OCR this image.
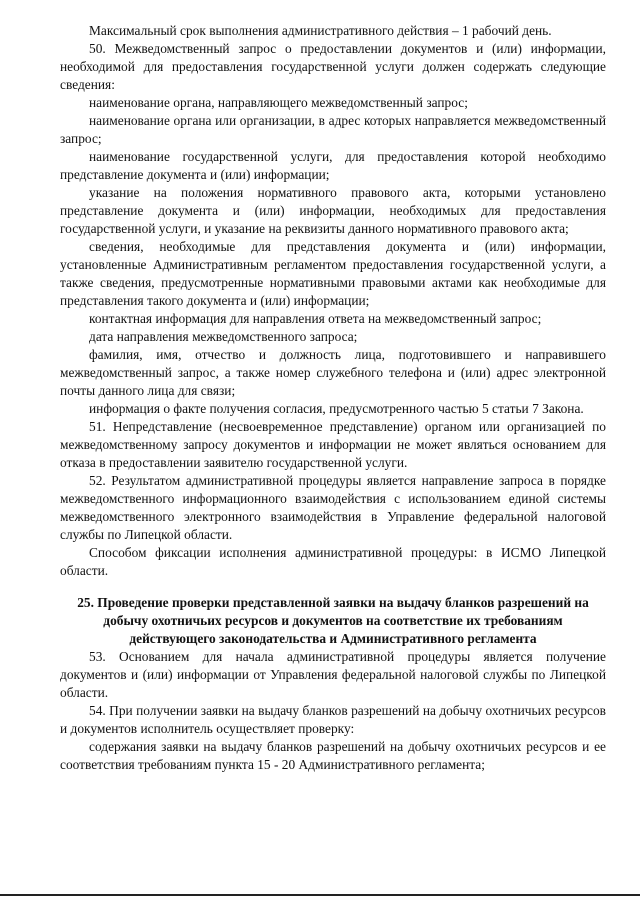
Максимальный срок выполнения административного действия – 1 рабочий день.

50. Межведомственный запрос о предоставлении документов и (или) информации, необходимой для предоставления государственной услуги должен содержать следующие сведения:

наименование органа, направляющего межведомственный запрос;

наименование органа или организации, в адрес которых направляется межведомственный запрос;

наименование государственной услуги, для предоставления которой необходимо представление документа и (или) информации;

указание на положения нормативного правового акта, которыми установлено представление документа и (или) информации, необходимых для предоставления государственной услуги, и указание на реквизиты данного нормативного правового акта;

сведения, необходимые для представления документа и (или) информации, установленные Административным регламентом предоставления государственной услуги, а также сведения, предусмотренные нормативными правовыми актами как необходимые для представления такого документа и (или) информации;

контактная информация для направления ответа на межведомственный запрос;

дата направления межведомственного запроса;

фамилия, имя, отчество и должность лица, подготовившего и направившего межведомственный запрос, а также номер служебного телефона и (или) адрес электронной почты данного лица для связи;

информация о факте получения согласия, предусмотренного частью 5 статьи 7 Закона.

51. Непредставление (несвоевременное представление) органом или организацией по межведомственному запросу документов и информации не может являться основанием для отказа в предоставлении заявителю государственной услуги.

52. Результатом административной процедуры является направление запроса в порядке межведомственного информационного взаимодействия с использованием единой системы межведомственного электронного взаимодействия в Управление федеральной налоговой службы по Липецкой области.

Способом фиксации исполнения административной процедуры: в ИСМО Липецкой области.

25. Проведение проверки представленной заявки на выдачу бланков разрешений на добычу охотничьих ресурсов и документов на соответствие их требованиям действующего законодательства и Административного регламента

53. Основанием для начала административной процедуры является получение документов и (или) информации от Управления федеральной налоговой службы по Липецкой области.

54. При получении заявки на выдачу бланков разрешений на добычу охотничьих ресурсов и документов исполнитель осуществляет проверку:

содержания заявки на выдачу бланков разрешений на добычу охотничьих ресурсов и ее соответствия требованиям пункта 15 - 20 Административного регламента;
